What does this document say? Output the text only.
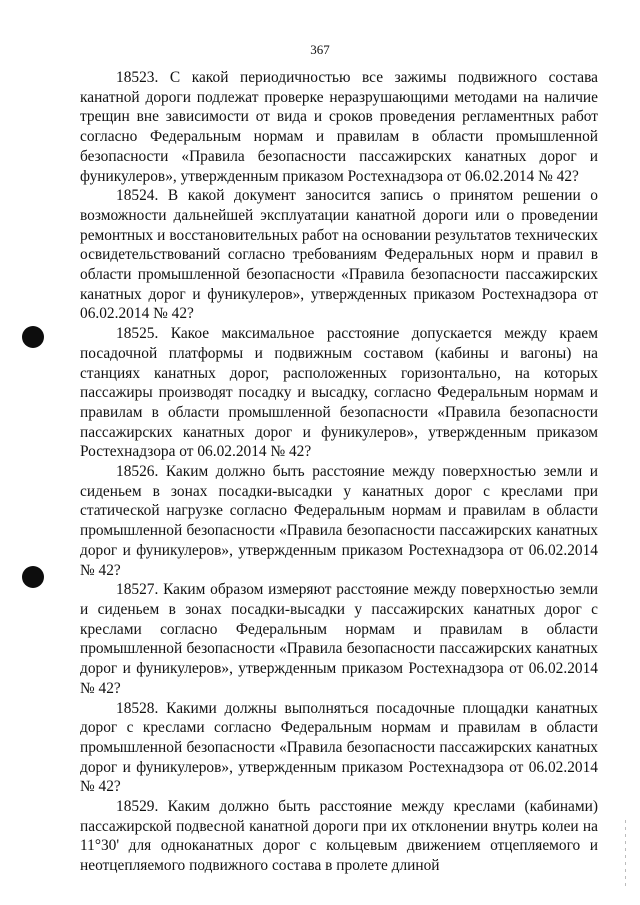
367

18523. С какой периодичностью все зажимы подвижного состава канатной дороги подлежат проверке неразрушающими методами на наличие трещин вне зависимости от вида и сроков проведения регламентных работ согласно Федеральным нормам и правилам в области промышленной безопасности «Правила безопасности пассажирских канатных дорог и фуникулеров», утвержденным приказом Ростехнадзора от 06.02.2014 № 42?

18524. В какой документ заносится запись о принятом решении о возможности дальнейшей эксплуатации канатной дороги или о проведении ремонтных и восстановительных работ на основании результатов технических освидетельствований согласно требованиям Федеральных норм и правил в области промышленной безопасности «Правила безопасности пассажирских канатных дорог и фуникулеров», утвержденных приказом Ростехнадзора от 06.02.2014 № 42?

18525. Какое максимальное расстояние допускается между краем посадочной платформы и подвижным составом (кабины и вагоны) на станциях канатных дорог, расположенных горизонтально, на которых пассажиры производят посадку и высадку, согласно Федеральным нормам и правилам в области промышленной безопасности «Правила безопасности пассажирских канатных дорог и фуникулеров», утвержденным приказом Ростехнадзора от 06.02.2014 № 42?

18526. Каким должно быть расстояние между поверхностью земли и сиденьем в зонах посадки-высадки у канатных дорог с креслами при статической нагрузке согласно Федеральным нормам и правилам в области промышленной безопасности «Правила безопасности пассажирских канатных дорог и фуникулеров», утвержденным приказом Ростехнадзора от 06.02.2014 № 42?

18527. Каким образом измеряют расстояние между поверхностью земли и сиденьем в зонах посадки-высадки у пассажирских канатных дорог с креслами согласно Федеральным нормам и правилам в области промышленной безопасности «Правила безопасности пассажирских канатных дорог и фуникулеров», утвержденным приказом Ростехнадзора от 06.02.2014 № 42?

18528. Какими должны выполняться посадочные площадки канатных дорог с креслами согласно Федеральным нормам и правилам в области промышленной безопасности «Правила безопасности пассажирских канатных дорог и фуникулеров», утвержденным приказом Ростехнадзора от 06.02.2014 № 42?

18529. Каким должно быть расстояние между креслами (кабинами) пассажирской подвесной канатной дороги при их отклонении внутрь колеи на 11°30' для одноканатных дорог с кольцевым движением отцепляемого и неотцепляемого подвижного состава в пролете длиной
